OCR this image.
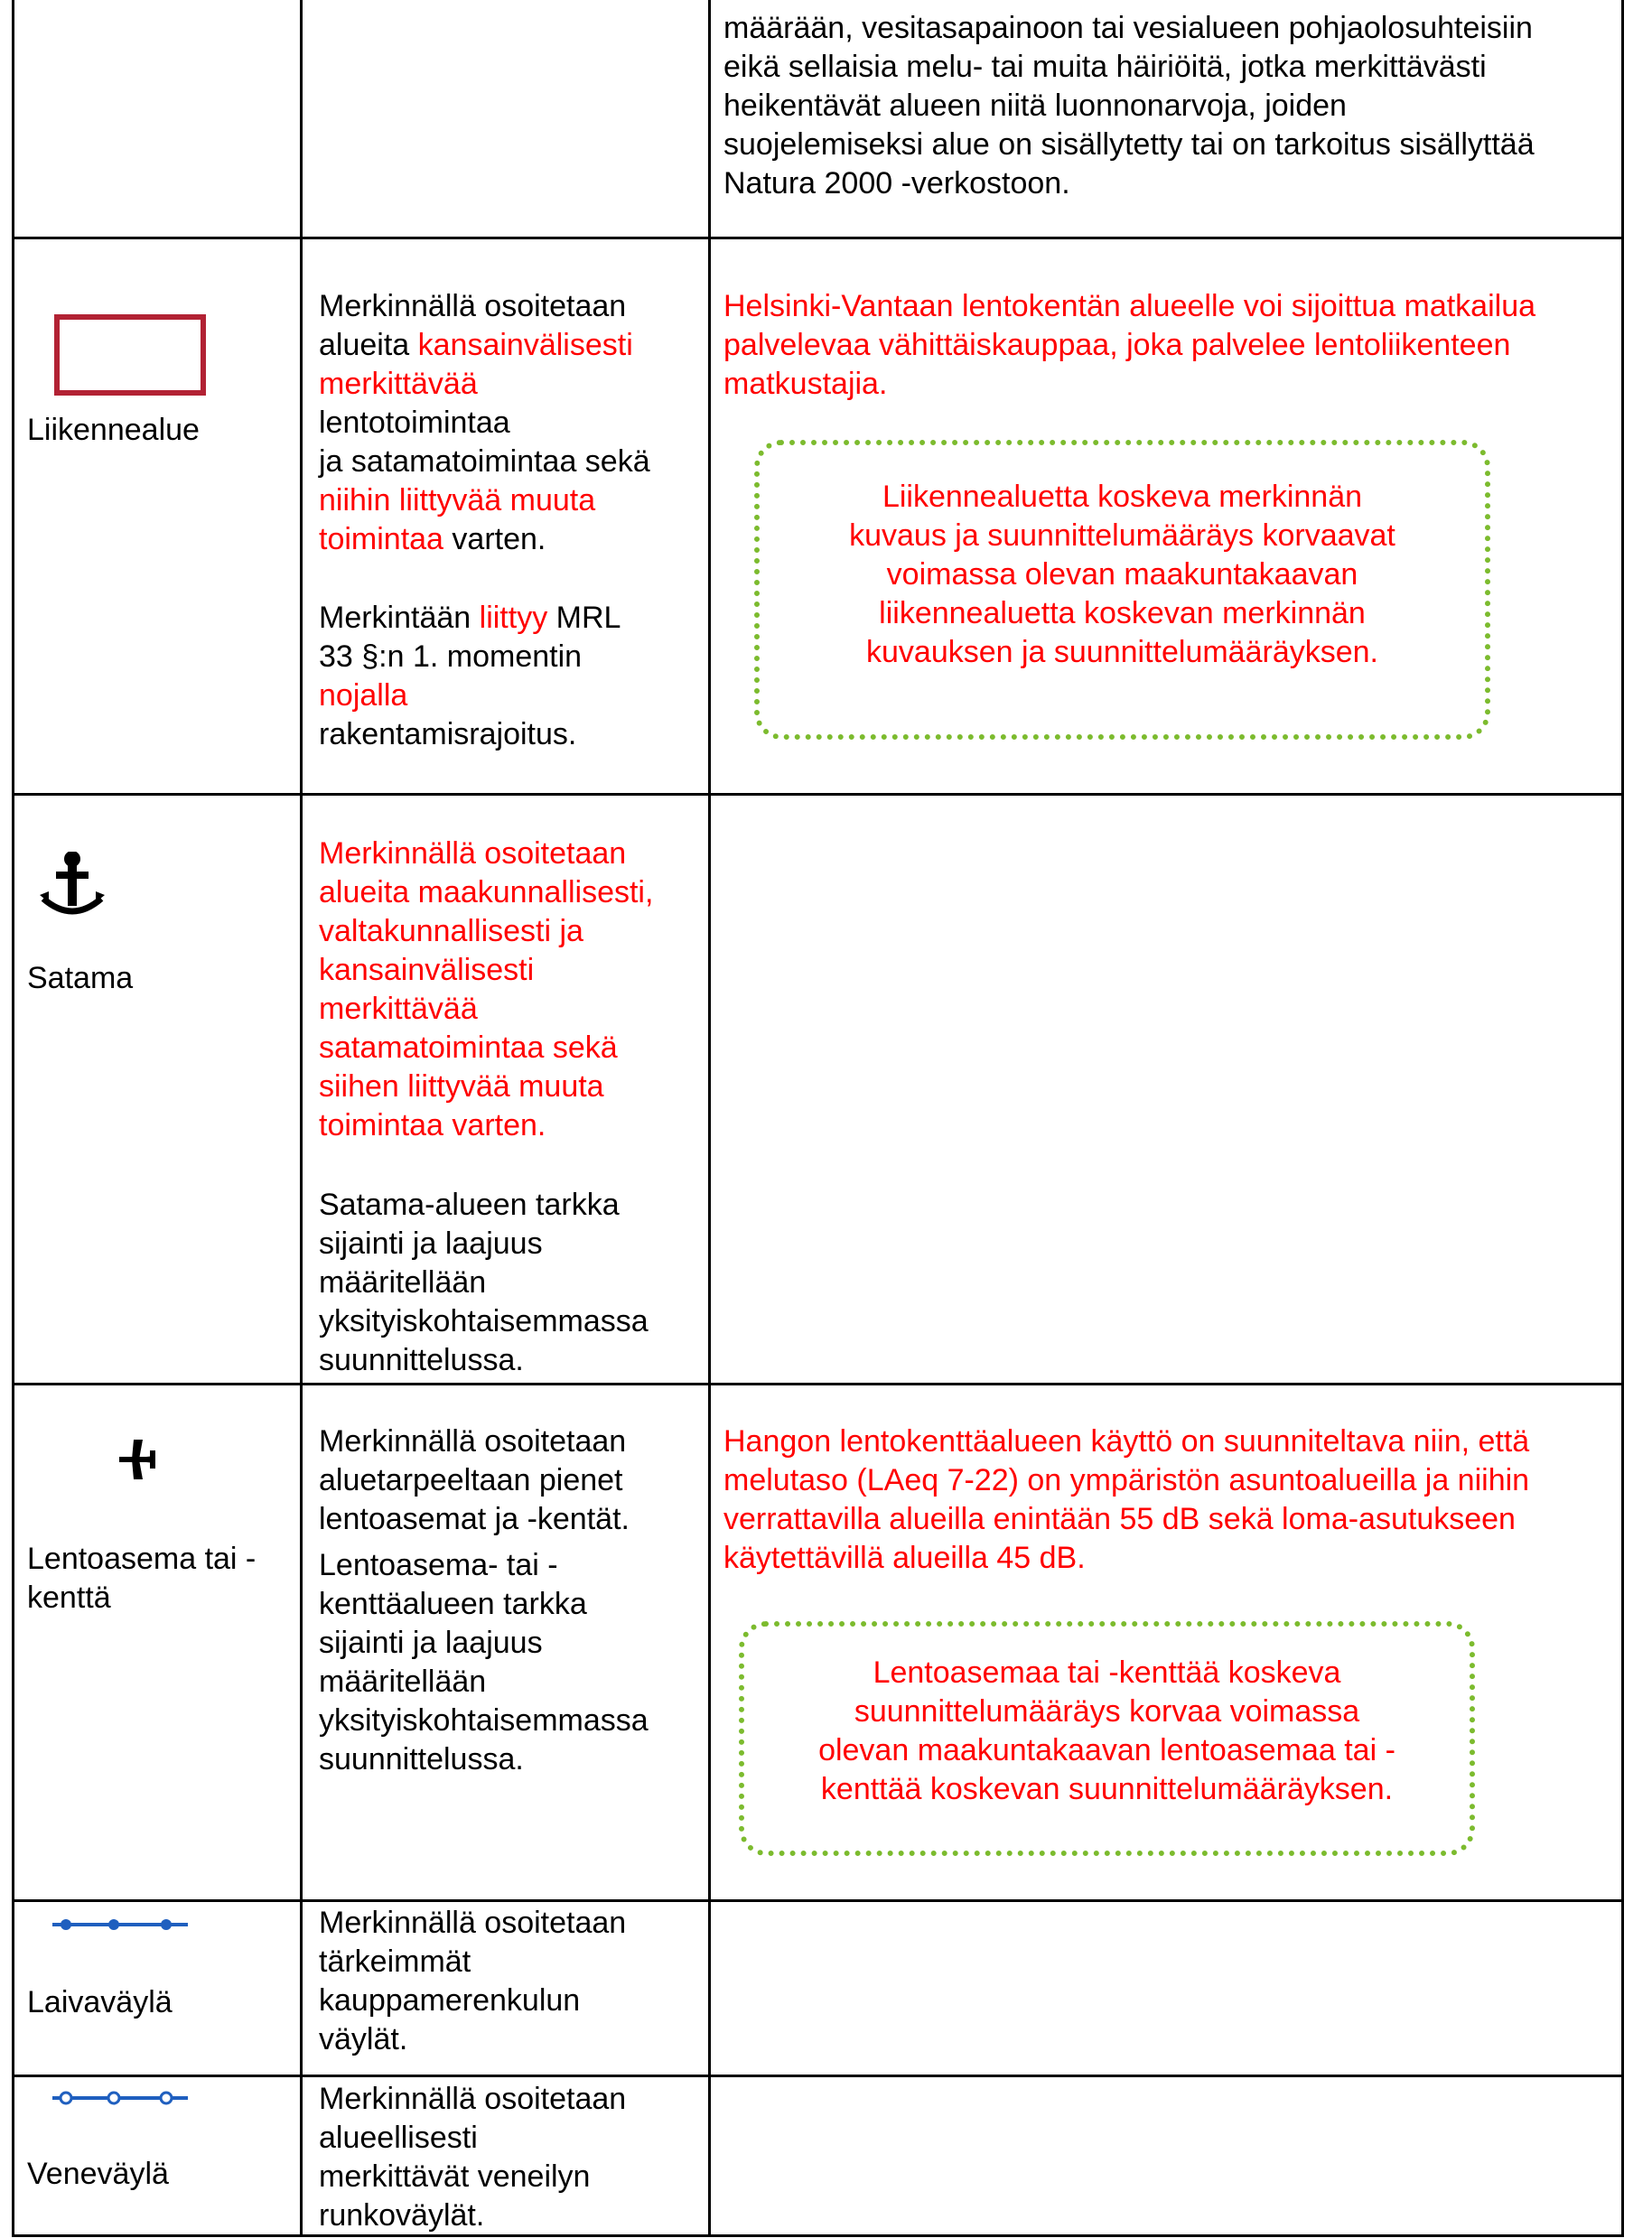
määrään, vesitasapainoon tai vesialueen pohjaolosuhteisiin
eikä sellaisia melu- tai muita häiriöitä, jotka merkittävästi
heikentävät alueen niitä luonnonarvoja, joiden
suojelemiseksi alue on sisällytetty tai on tarkoitus sisällyttää
Natura 2000 -verkostoon.
Liikennealue
Merkinnällä osoitetaan
alueita kansainvälisesti
merkittävää
lentotoimintaa
ja satamatoimintaa sekä
niihin liittyvää muuta
toimintaa varten.
Merkintään liittyy MRL
33 §:n 1. momentin
nojalla
rakentamisrajoitus.
Helsinki-Vantaan lentokentän alueelle voi sijoittua matkailua
palvelevaa vähittäiskauppaa, joka palvelee lentoliikenteen
matkustajia.
Liikennealuetta koskeva merkinnän
kuvaus ja suunnittelumääräys korvaavat
voimassa olevan maakuntakaavan
liikennealuetta koskevan merkinnän
kuvauksen ja suunnittelumääräyksen.
Satama
Merkinnällä osoitetaan
alueita maakunnallisesti,
valtakunnallisesti ja
kansainvälisesti
merkittävää
satamatoimintaa sekä
siihen liittyvää muuta
toimintaa varten.
Satama-alueen tarkka
sijainti ja laajuus
määritellään
yksityiskohtaisemmassa
suunnittelussa.
Lentoasema tai -
kenttä
Merkinnällä osoitetaan
aluetarpeeltaan pienet
lentoasemat ja -kentät.
Lentoasema- tai -
kenttäalueen tarkka
sijainti ja laajuus
määritellään
yksityiskohtaisemmassa
suunnittelussa.
Hangon lentokenttäalueen käyttö on suunniteltava niin, että
melutaso (LAeq 7-22) on ympäristön asuntoalueilla ja niihin
verrattavilla alueilla enintään 55 dB sekä loma-asutukseen
käytettävillä alueilla 45 dB.
Lentoasemaa tai -kenttää koskeva
suunnittelumääräys korvaa voimassa
olevan maakuntakaavan lentoasemaa tai -
kenttää koskevan suunnittelumääräyksen.
Laivaväylä
Merkinnällä osoitetaan
tärkeimmät
kauppamerenkulun
väylät.
Veneväylä
Merkinnällä osoitetaan
alueellisesti
merkittävät veneilyn
runkoväylät.
